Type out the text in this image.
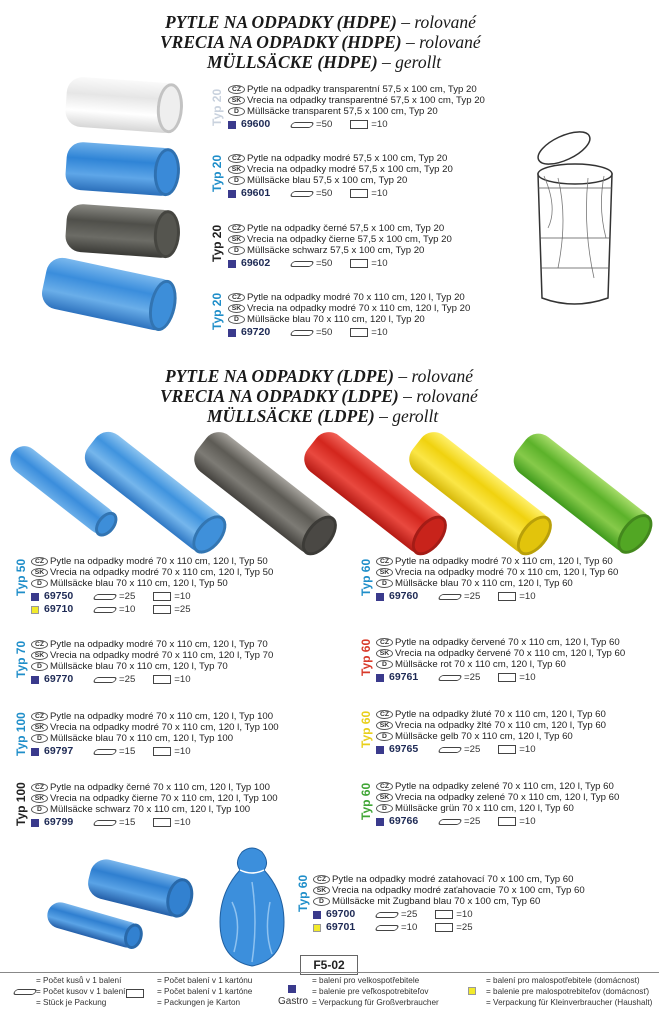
PYTLE NA ODPADKY (HDPE) – rolované
VRECIA NA ODPADKY (HDPE) – rolované
MÜLLSÄCKE (HDPE) – gerollt
Typ 20	CZ Pytle na odpadky transparentní 57,5 x 100 cm, Typ 20
SK Vrecia na odpadky transparentné 57,5 x 100 cm, Typ 20
D Müllsäcke transparent 57,5 x 100 cm, Typ 20
69600	= 50	= 10
Typ 20	CZ Pytle na odpadky modré 57,5 x 100 cm, Typ 20
SK Vrecia na odpadky modré 57,5 x 100 cm, Typ 20
D Müllsäcke blau 57,5 x 100 cm, Typ 20
69601	= 50	= 10
Typ 20	CZ Pytle na odpadky černé 57,5 x 100 cm, Typ 20
SK Vrecia na odpadky čierne 57,5 x 100 cm, Typ 20
D Müllsäcke schwarz 57,5 x 100 cm, Typ 20
69602	= 50	= 10
Typ 20	CZ Pytle na odpadky modré 70 x 110 cm, 120 l, Typ 20
SK Vrecia na odpadky modré 70 x 110 cm, 120 l, Typ 20
D Müllsäcke blau 70 x 110 cm, 120 l, Typ 20
69720	= 50	= 10
PYTLE NA ODPADKY (LDPE) – rolované
VRECIA NA ODPADKY (LDPE) – rolované
MÜLLSÄCKE (LDPE) – gerollt
Typ 50	CZ Pytle na odpadky modré 70 x 110 cm, 120 l, Typ 50
SK Vrecia na odpadky modré 70 x 110 cm, 120 l, Typ 50
D Müllsäcke blau 70 x 110 cm, 120 l, Typ 50
69750	= 25	= 10
69710	= 10	= 25
Typ 70	CZ Pytle na odpadky modré 70 x 110 cm, 120 l, Typ 70
SK Vrecia na odpadky modré 70 x 110 cm, 120 l, Typ 70
D Müllsäcke blau 70 x 110 cm, 120 l, Typ 70
69770	= 25	= 10
Typ 100	CZ Pytle na odpadky modré 70 x 110 cm, 120 l, Typ 100
SK Vrecia na odpadky modré 70 x 110 cm, 120 l, Typ 100
D Müllsäcke blau 70 x 110 cm, 120 l, Typ 100
69797	= 15	= 10
Typ 100	CZ Pytle na odpadky černé 70 x 110 cm, 120 l, Typ 100
SK Vrecia na odpadky čierne 70 x 110 cm, 120 l, Typ 100
D Müllsäcke schwarz 70 x 110 cm, 120 l, Typ 100
69799	= 15	= 10
Typ 60	CZ Pytle na odpadky modré 70 x 110 cm, 120 l, Typ 60
SK Vrecia na odpadky modré 70 x 110 cm, 120 l, Typ 60
D Müllsäcke blau 70 x 110 cm, 120 l, Typ 60
69760	= 25	= 10
Typ 60	CZ Pytle na odpadky červené 70 x 110 cm, 120 l, Typ 60
SK Vrecia na odpadky červené 70 x 110 cm, 120 l, Typ 60
D Müllsäcke rot 70 x 110 cm, 120 l, Typ 60
69761	= 25	= 10
Typ 60	CZ Pytle na odpadky žluté 70 x 110 cm, 120 l, Typ 60
SK Vrecia na odpadky žlté 70 x 110 cm, 120 l, Typ 60
D Müllsäcke gelb 70 x 110 cm, 120 l, Typ 60
69765	= 25	= 10
Typ 60	CZ Pytle na odpadky zelené 70 x 110 cm, 120 l, Typ 60
SK Vrecia na odpadky zelené 70 x 110 cm, 120 l, Typ 60
D Müllsäcke grün 70 x 110 cm, 120 l, Typ 60
69766	= 25	= 10
Typ 60	CZ Pytle na odpadky modré zatahovací 70 x 100 cm, Typ 60
SK Vrecia na odpadky modré zaťahovacie 70 x 100 cm, Typ 60
D Müllsäcke mit Zugband blau 70 x 100 cm, Typ 60
69700	= 25	= 10
69701	= 10	= 25
F5-02
= Počet kusů v 1 balení
= Počet kusov v 1 balení
= Stück je Packung
= Počet balení v 1 kartónu
= Počet balení v 1 kartóne
= Packungen je Karton	Gastro
= balení pro velkospotřebitele
= balenie pre veľkospotrebiteľov
= Verpackung für Großverbraucher
= balení pro malospotřebitele (domácnost)
= balenie pre malospotrebiteľov (domácnosť)
= Verpackung für Kleinverbraucher (Haushalt)
